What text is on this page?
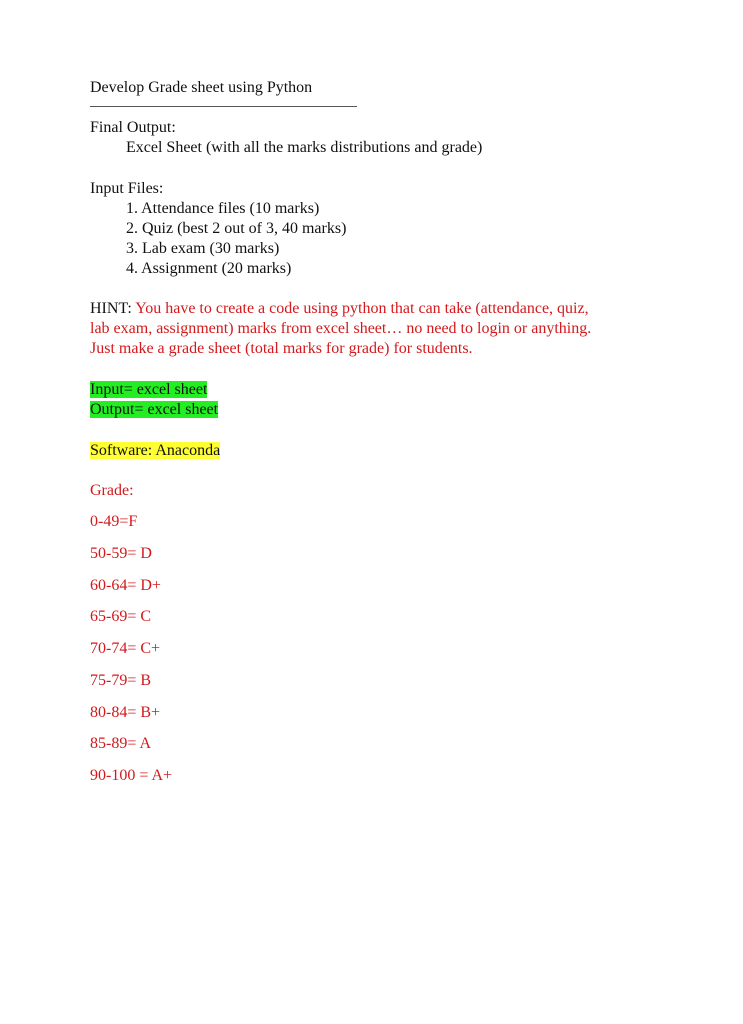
Develop Grade sheet using Python
Final Output:
Excel Sheet (with all the marks distributions and grade)
Input Files:
1. Attendance files (10 marks)
2. Quiz (best 2 out of 3, 40 marks)
3. Lab exam (30 marks)
4. Assignment (20 marks)
HINT: You have to create a code using python that can take (attendance, quiz,
lab exam, assignment) marks from excel sheet… no need to login or anything.
Just make a grade sheet (total marks for grade) for students.
Input= excel sheet
Output= excel sheet
Software: Anaconda
Grade:
0-49=F
50-59= D
60-64= D+
65-69= C
70-74= C+
75-79= B
80-84= B+
85-89= A
90-100 = A+
